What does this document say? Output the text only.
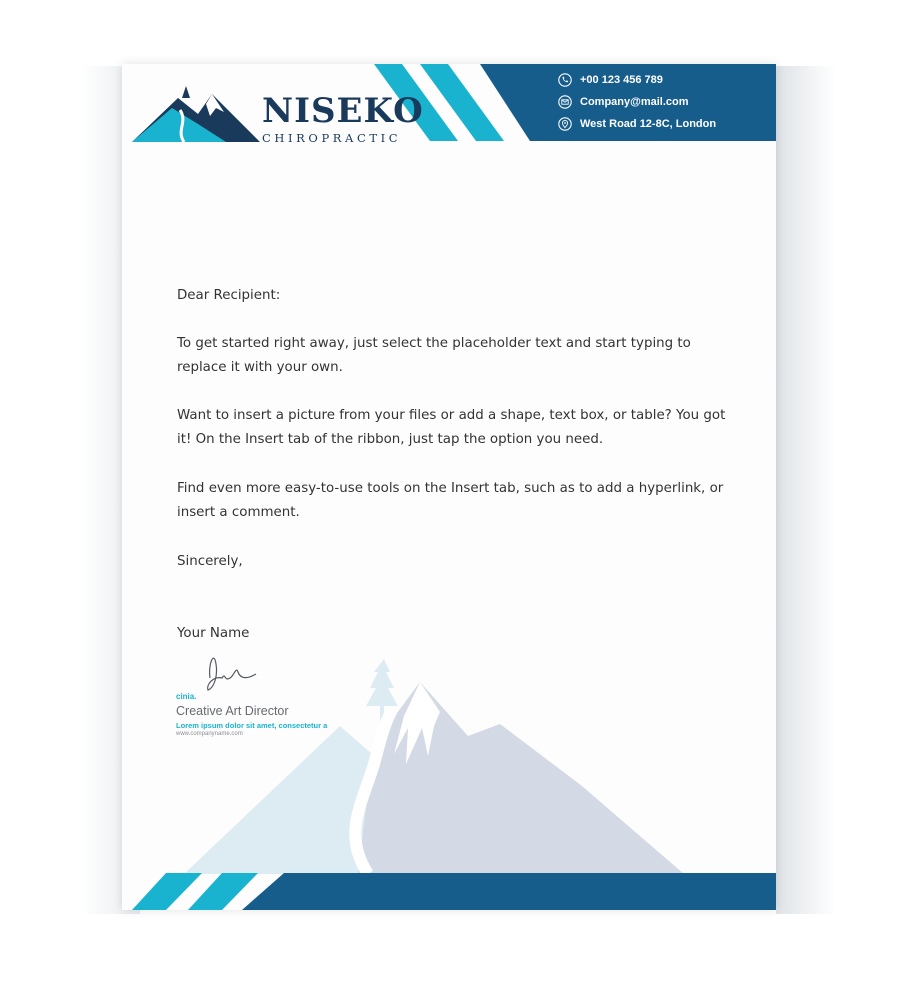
NISEKO
CHIROPRACTIC
+00 123 456 789
Company@mail.com
West Road 12-8C, London

Dear Recipient:

To get started right away, just select the placeholder text and start typing to replace it with your own.

Want to insert a picture from your files or add a shape, text box, or table? You got it! On the Insert tab of the ribbon, just tap the option you need.

Find even more easy-to-use tools on the Insert tab, such as to add a hyperlink, or insert a comment.

Sincerely,

Your Name

cinia.
Creative Art Director
Lorem ipsum dolor sit amet, consectetur a
www.companyname.com
